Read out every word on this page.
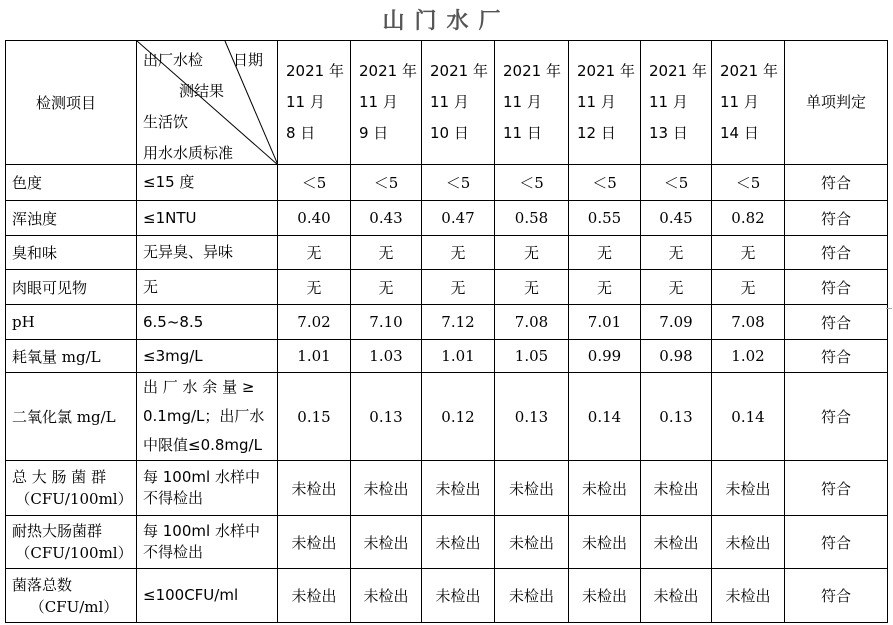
山门水厂
检测项目	出厂水检 日期
测结果
生活饮
用水水质标准	2021 年
11 月
8 日	2021 年
11 月
9 日	2021 年
11 月
10 日	2021 年
11 月
11 日	2021 年
11 月
12 日	2021 年
11 月
13 日	2021 年
11 月
14 日	单项判定

色度	≤15 度	＜5	＜5	＜5	＜5	＜5	＜5	＜5	符合

浑浊度	≤1NTU	0.40	0.43	0.47	0.58	0.55	0.45	0.82	符合

臭和味	无异臭、异味	无	无	无	无	无	无	无	符合

肉眼可见物	无	无	无	无	无	无	无	无	符合

pH	6.5~8.5	7.02	7.10	7.12	7.08	7.01	7.09	7.08	符合

耗氧量 mg/L	≤3mg/L	1.01	1.03	1.01	1.05	0.99	0.98	1.02	符合

二氧化氯 mg/L	出 厂 水 余 量 ≥
0.1mg/L；出厂水
中限值≤0.8mg/L	0.15	0.13	0.12	0.13	0.14	0.13	0.14	符合

总 大 肠 菌 群
（CFU/100ml）	每 100ml 水样中
不得检出	未检出	未检出	未检出	未检出	未检出	未检出	未检出	符合

耐热大肠菌群
（CFU/100ml）	每 100ml 水样中
不得检出	未检出	未检出	未检出	未检出	未检出	未检出	未检出	符合

菌落总数
（CFU/ml）	≤100CFU/ml	未检出	未检出	未检出	未检出	未检出	未检出	未检出	符合
